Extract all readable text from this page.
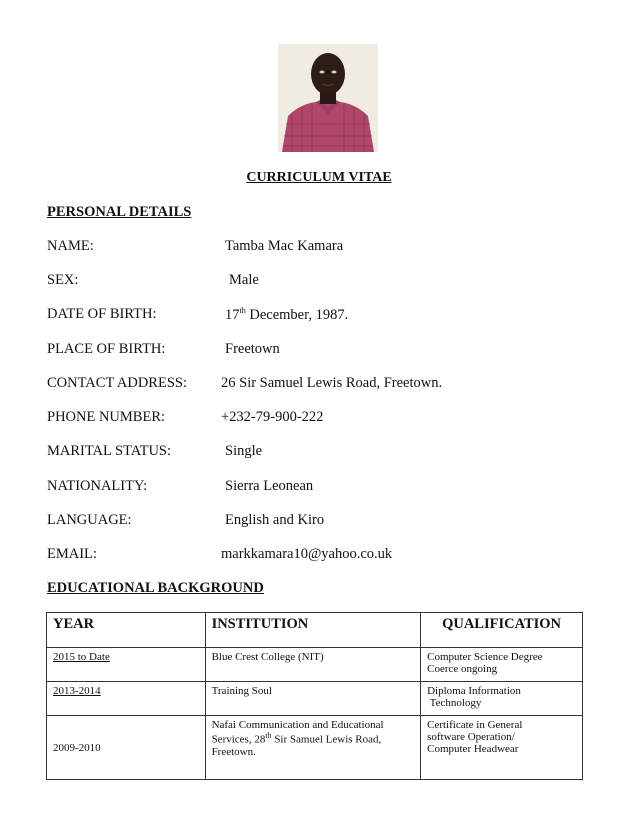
CURRICULUM VITAE
PERSONAL DETAILS
NAME:	Tamba Mac Kamara
SEX:	Male
DATE OF BIRTH:	17th December, 1987.
PLACE OF BIRTH:	Freetown
CONTACT ADDRESS: 26 Sir Samuel Lewis Road, Freetown.
PHONE NUMBER:	+232-79-900-222
MARITAL STATUS:	Single
NATIONALITY:	Sierra Leonean
LANGUAGE:	English and Kiro
EMAIL:	markkamara10@yahoo.co.uk
EDUCATIONAL BACKGROUND
YEAR	INSTITUTION	QUALIFICATION
2015 to Date	Blue Crest College (NIT)	Computer Science Degree
Coerce ongoing
2013-2014	Training Soul	Diploma Information
Technology
2009-2010	Nafai Communication and Educational
Services, 28th Sir Samuel Lewis Road,
Freetown.	Certificate in General
software Operation/
Computer Headwear
